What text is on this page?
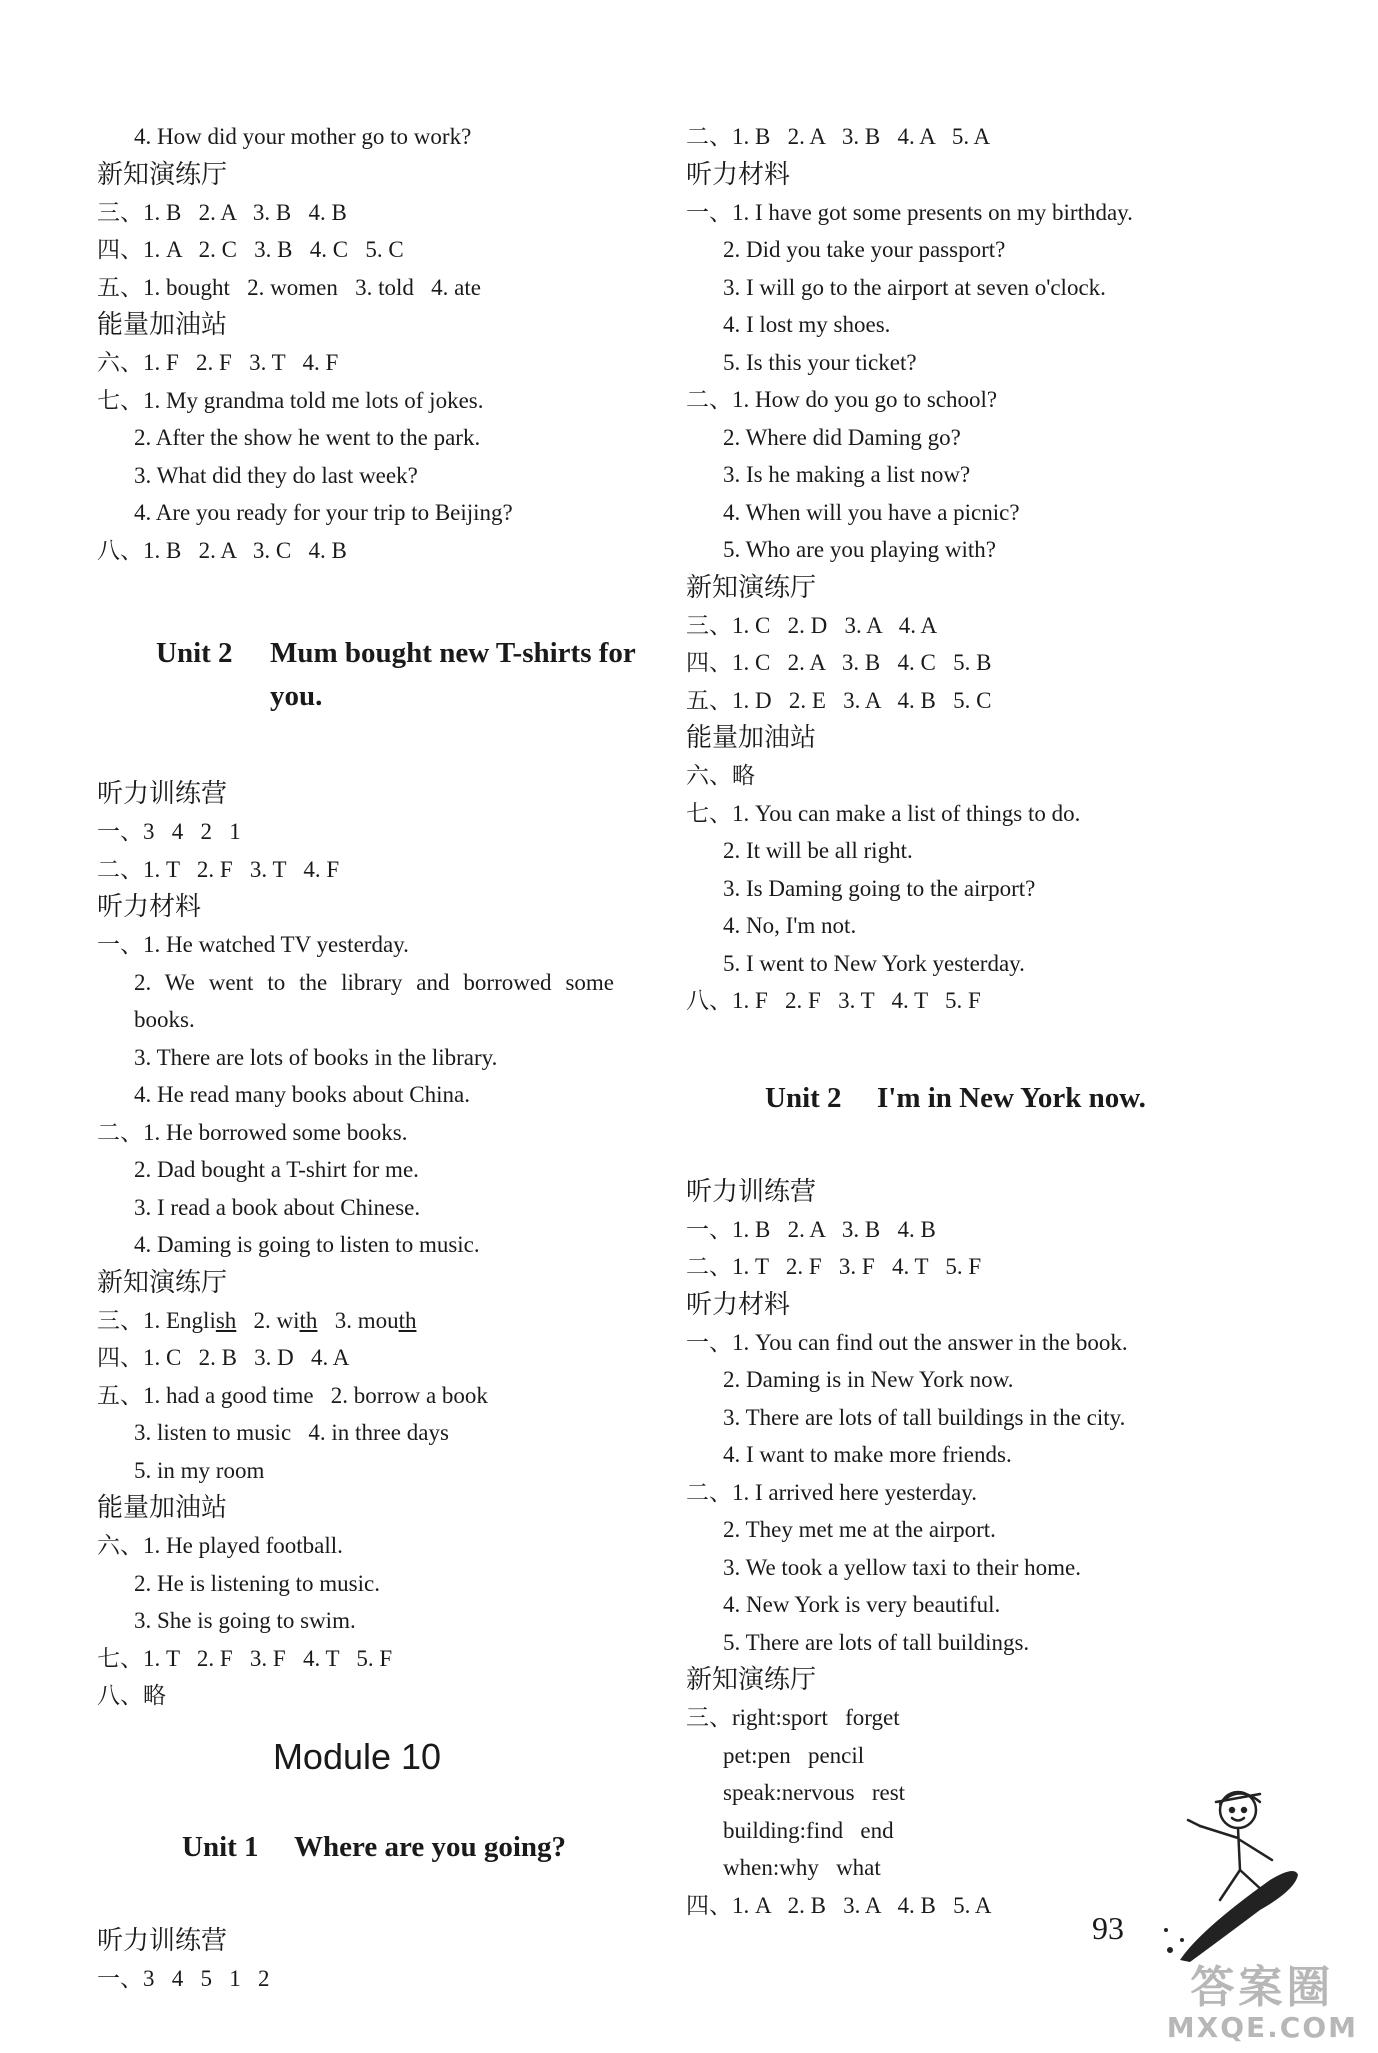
4. How did your mother go to work?
新知演练厅
三、1. B   2. A   3. B   4. B
四、1. A   2. C   3. B   4. C   5. C
五、1. bought   2. women   3. told   4. ate
能量加油站
六、1. F   2. F   3. T   4. F
七、1. My grandma told me lots of jokes.
2. After the show he went to the park.
3. What did they do last week?
4. Are you ready for your trip to Beijing?
八、1. B   2. A   3. C   4. B

Unit 2 Mum bought new T-shirts for you.

听力训练营
一、3   4   2   1
二、1. T   2. F   3. T   4. F
听力材料
一、1. He watched TV yesterday.
2. We went to the library and borrowed some books.
3. There are lots of books in the library.
4. He read many books about China.
二、1. He borrowed some books.
2. Dad bought a T-shirt for me.
3. I read a book about Chinese.
4. Daming is going to listen to music.
新知演练厅
三、1. English   2. with   3. mouth
四、1. C   2. B   3. D   4. A
五、1. had a good time   2. borrow a book
3. listen to music   4. in three days
5. in my room
能量加油站
六、1. He played football.
2. He is listening to music.
3. She is going to swim.
七、1. T   2. F   3. F   4. T   5. F
八、略
Module 10

Unit 1 Where are you going?

听力训练营
一、3   4   5   1   2
二、1. B   2. A   3. B   4. A   5. A
听力材料
一、1. I have got some presents on my birthday.
2. Did you take your passport?
3. I will go to the airport at seven o'clock.
4. I lost my shoes.
5. Is this your ticket?
二、1. How do you go to school?
2. Where did Daming go?
3. Is he making a list now?
4. When will you have a picnic?
5. Who are you playing with?
新知演练厅
三、1. C   2. D   3. A   4. A
四、1. C   2. A   3. B   4. C   5. B
五、1. D   2. E   3. A   4. B   5. C
能量加油站
六、略
七、1. You can make a list of things to do.
2. It will be all right.
3. Is Daming going to the airport?
4. No, I'm not.
5. I went to New York yesterday.
八、1. F   2. F   3. T   4. T   5. F

Unit 2 I'm in New York now.

听力训练营
一、1. B   2. A   3. B   4. B
二、1. T   2. F   3. F   4. T   5. F
听力材料
一、1. You can find out the answer in the book.
2. Daming is in New York now.
3. There are lots of tall buildings in the city.
4. I want to make more friends.
二、1. I arrived here yesterday.
2. They met me at the airport.
3. We took a yellow taxi to their home.
4. New York is very beautiful.
5. There are lots of tall buildings.
新知演练厅
三、right:sport   forget
pet:pen   pencil
speak:nervous   rest
building:find   end
when:why   what
四、1. A   2. B   3. A   4. B   5. A
93
答案圈
MXQE.COM
